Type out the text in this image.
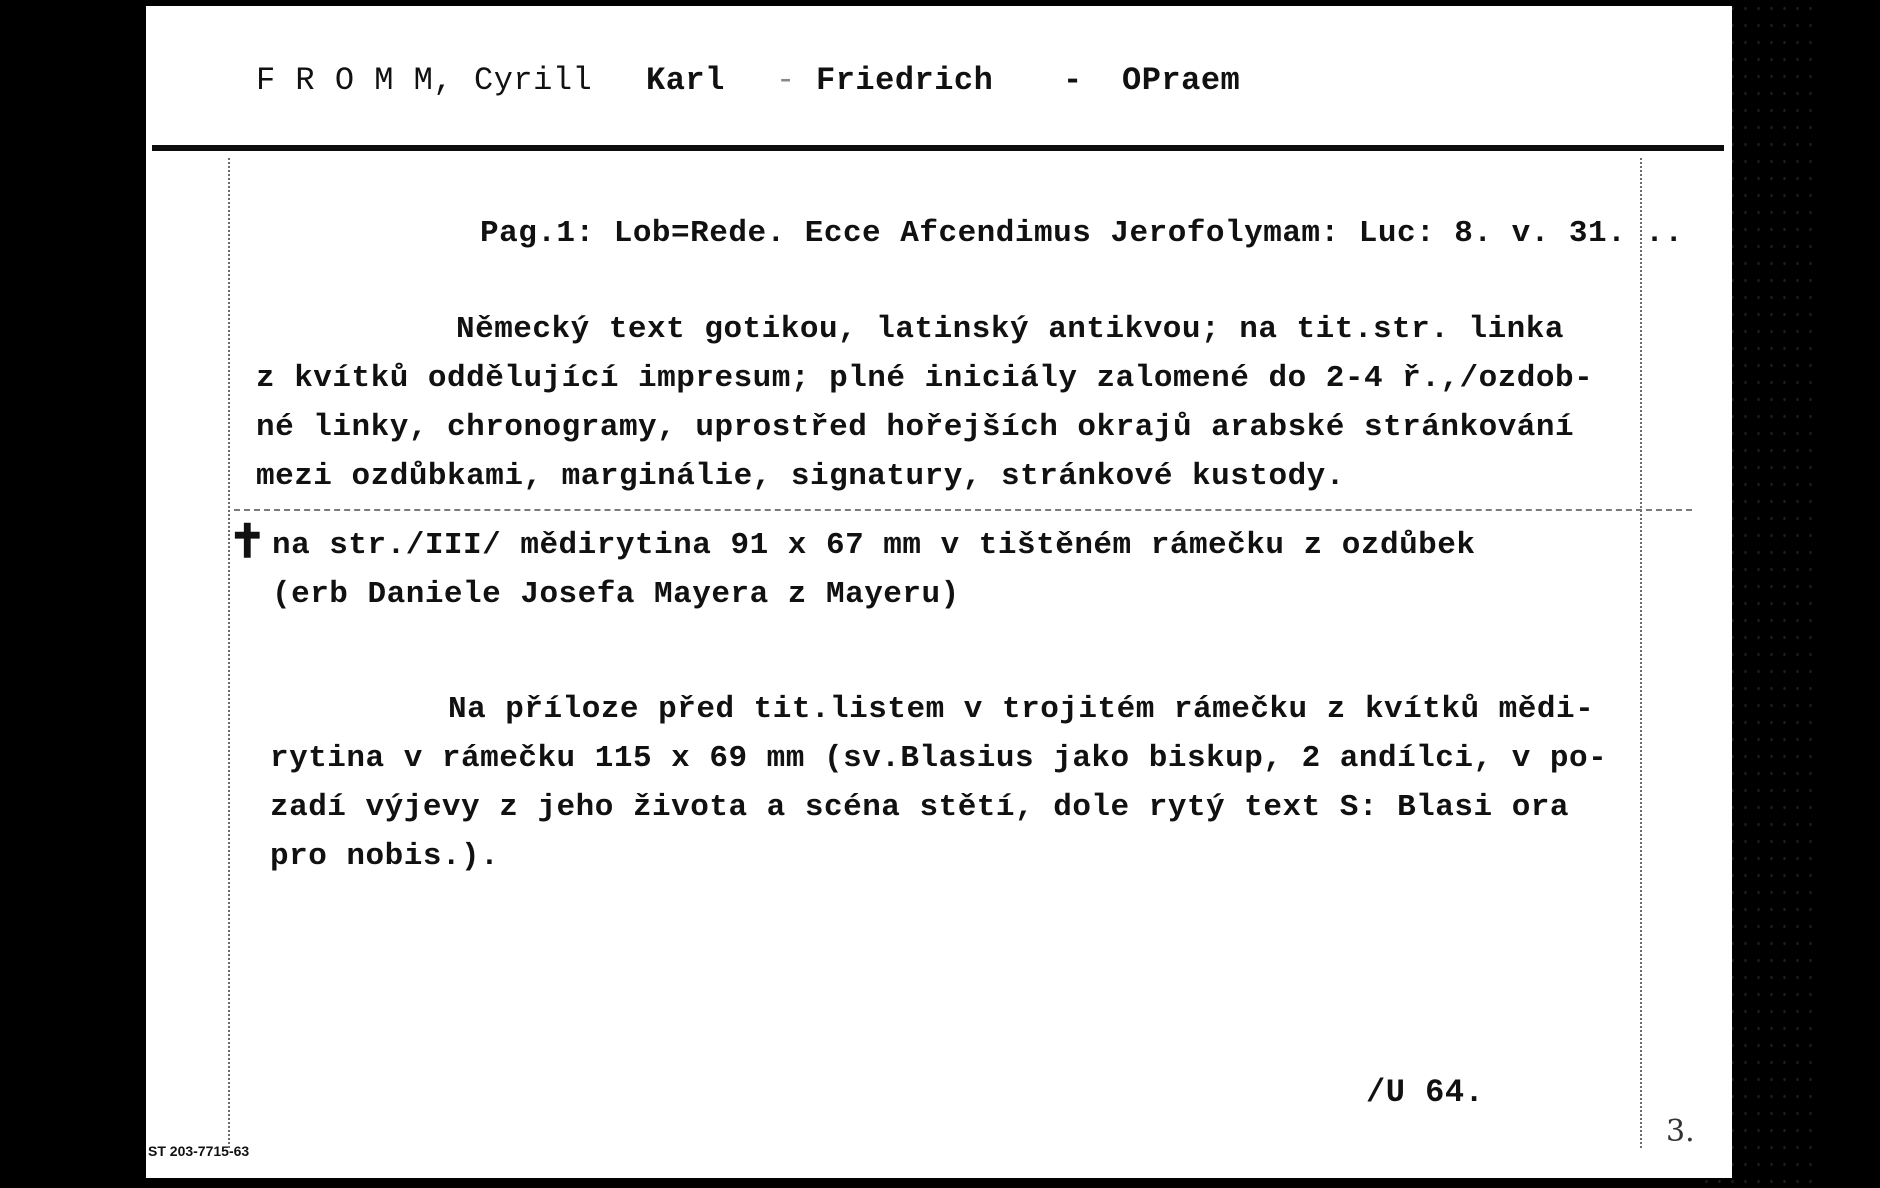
F R O M M, Cyrill Karl - Friedrich - OPraem
Pag.1: Lob=Rede. Ecce Afcendimus Jerofolymam: Luc: 8. v. 31. ..
Německý text gotikou, latinský antikvou; na tit.str. linka
z kvítků oddělující impresum; plné iniciály zalomené do 2-4 ř.,/ozdob-
né linky, chronogramy, uprostřed hořejších okrajů arabské stránkování
mezi ozdůbkami, marginálie, signatury, stránkové kustody.
✝ na str./III/ mědirytina 91 x 67 mm v tištěném rámečku z ozdůbek
(erb Daniele Josefa Mayera z Mayeru)
Na příloze před tit.listem v trojitém rámečku z kvítků mědi-
rytina v rámečku 115 x 69 mm (sv.Blasius jako biskup, 2 andílci, v po-
zadí výjevy z jeho života a scéna stětí, dole rytý text S: Blasi ora
pro nobis.).
/U 64.
3.
ST 203-7715-63
